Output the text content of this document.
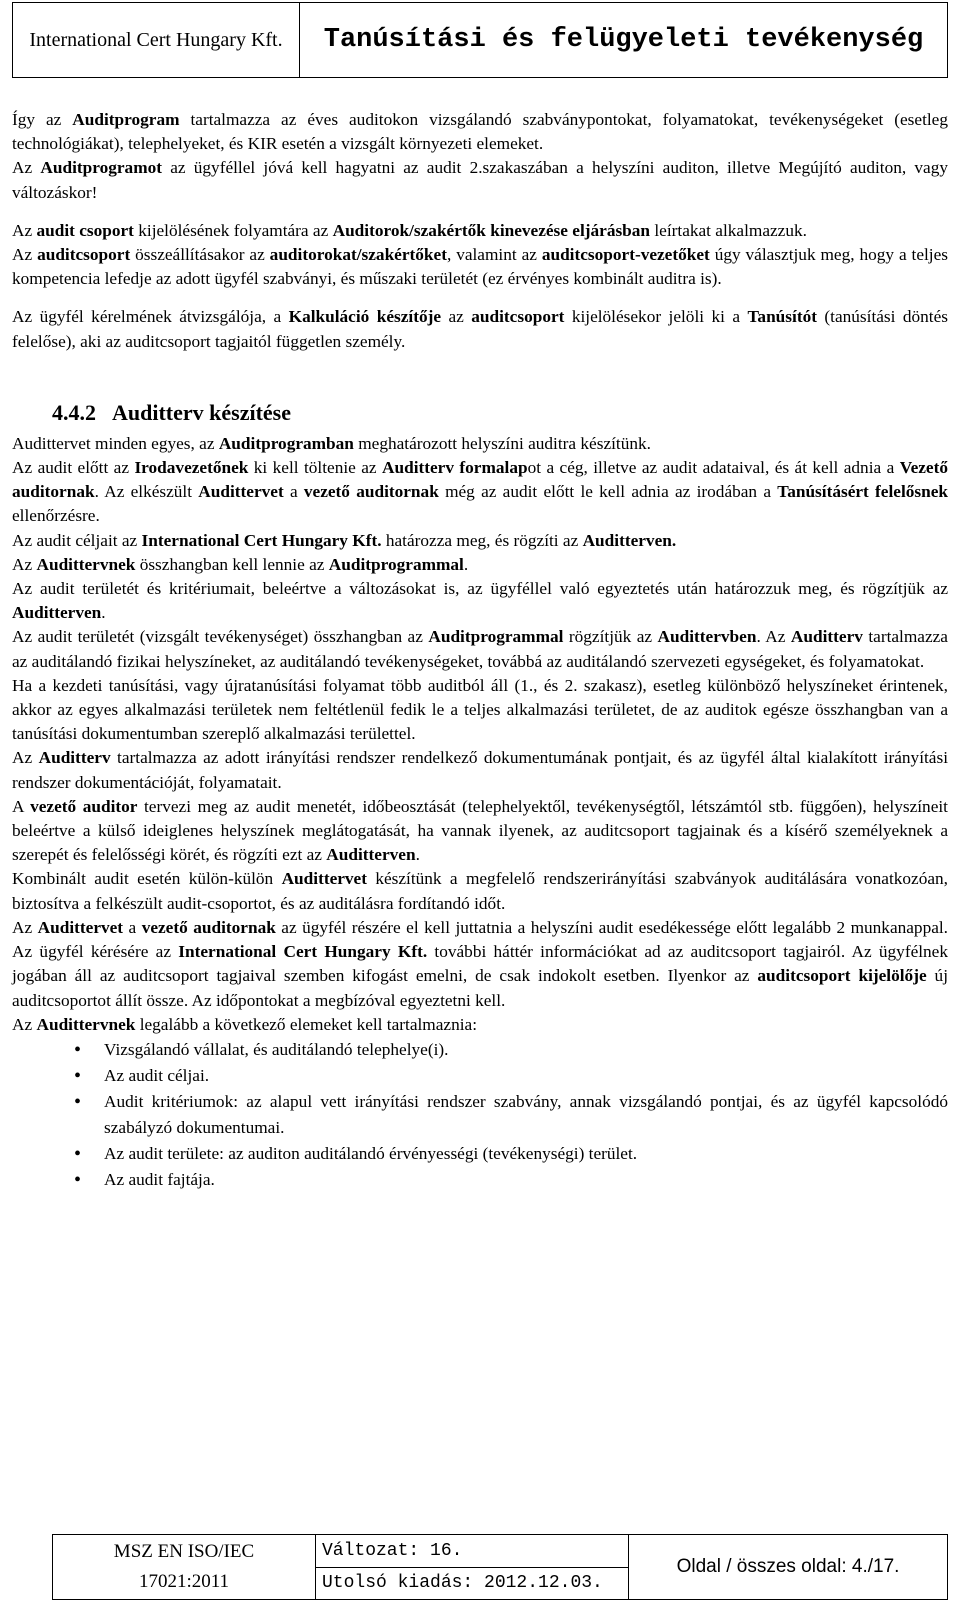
International Cert Hungary Kft.	Tanúsítási és felügyeleti tevékenység

Így az Auditprogram tartalmazza az éves auditokon vizsgálandó szabványpontokat, folyamatokat, tevékenységeket (esetleg technológiákat), telephelyeket, és KIR esetén a vizsgált környezeti elemeket.

Az Auditprogramot az ügyféllel jóvá kell hagyatni az audit 2.szakaszában a helyszíni auditon, illetve Megújító auditon, vagy változáskor!

Az audit csoport kijelölésének folyamtára az Auditorok/szakértők kinevezése eljárásban leírtakat alkalmazzuk.

Az auditcsoport összeállításakor az auditorokat/szakértőket, valamint az auditcsoport-vezetőket úgy választjuk meg, hogy a teljes kompetencia lefedje az adott ügyfél szabványi, és műszaki területét (ez érvényes kombinált auditra is).

Az ügyfél kérelmének átvizsgálója, a Kalkuláció készítője az auditcsoport kijelölésekor jelöli ki a Tanúsítót (tanúsítási döntés felelőse), aki az auditcsoport tagjaitól független személy.

4.4.2 Auditterv készítése

Audittervet minden egyes, az Auditprogramban meghatározott helyszíni auditra készítünk.

Az audit előtt az Irodavezetőnek ki kell töltenie az Auditterv formalapot a cég, illetve az audit adataival, és át kell adnia a Vezető auditornak. Az elkészült Audittervet a vezető auditornak még az audit előtt le kell adnia az irodában a Tanúsításért felelősnek ellenőrzésre.

Az audit céljait az International Cert Hungary Kft. határozza meg, és rögzíti az Auditterven.

Az Audittervnek összhangban kell lennie az Auditprogrammal.

Az audit területét és kritériumait, beleértve a változásokat is, az ügyféllel való egyeztetés után határozzuk meg, és rögzítjük az Auditterven.

Az audit területét (vizsgált tevékenységet) összhangban az Auditprogrammal rögzítjük az Audittervben. Az Auditterv tartalmazza az auditálandó fizikai helyszíneket, az auditálandó tevékenységeket, továbbá az auditálandó szervezeti egységeket, és folyamatokat.

Ha a kezdeti tanúsítási, vagy újratanúsítási folyamat több auditból áll (1., és 2. szakasz), esetleg különböző helyszíneket érintenek, akkor az egyes alkalmazási területek nem feltétlenül fedik le a teljes alkalmazási területet, de az auditok egésze összhangban van a tanúsítási dokumentumban szereplő alkalmazási területtel.

Az Auditterv tartalmazza az adott irányítási rendszer rendelkező dokumentumának pontjait, és az ügyfél által kialakított irányítási rendszer dokumentációját, folyamatait.

A vezető auditor tervezi meg az audit menetét, időbeosztását (telephelyektől, tevékenységtől, létszámtól stb. függően), helyszíneit beleértve a külső ideiglenes helyszínek meglátogatását, ha vannak ilyenek, az auditcsoport tagjainak és a kísérő személyeknek a szerepét és felelősségi körét, és rögzíti ezt az Auditterven.

Kombinált audit esetén külön-külön Audittervet készítünk a megfelelő rendszerirányítási szabványok auditálására vonatkozóan, biztosítva a felkészült audit-csoportot, és az auditálásra fordítandó időt.

Az Audittervet a vezető auditornak az ügyfél részére el kell juttatnia a helyszíni audit esedékessége előtt legalább 2 munkanappal. Az ügyfél kérésére az International Cert Hungary Kft. további háttér információkat ad az auditcsoport tagjairól. Az ügyfélnek jogában áll az auditcsoport tagjaival szemben kifogást emelni, de csak indokolt esetben. Ilyenkor az auditcsoport kijelölője új auditcsoportot állít össze. Az időpontokat a megbízóval egyeztetni kell.

Az Audittervnek legalább a következő elemeket kell tartalmaznia:

• Vizsgálandó vállalat, és auditálandó telephelye(i).
• Az audit céljai.
• Audit kritériumok: az alapul vett irányítási rendszer szabvány, annak vizsgálandó pontjai, és az ügyfél kapcsolódó szabályzó dokumentumai.
• Az audit területe: az auditon auditálandó érvényességi (tevékenységi) terület.
• Az audit fajtája.
MSZ EN ISO/IEC
17021:2011
	Változat: 16.	Oldal / összes oldal: 4./17.
Utolsó kiadás: 2012.12.03.
